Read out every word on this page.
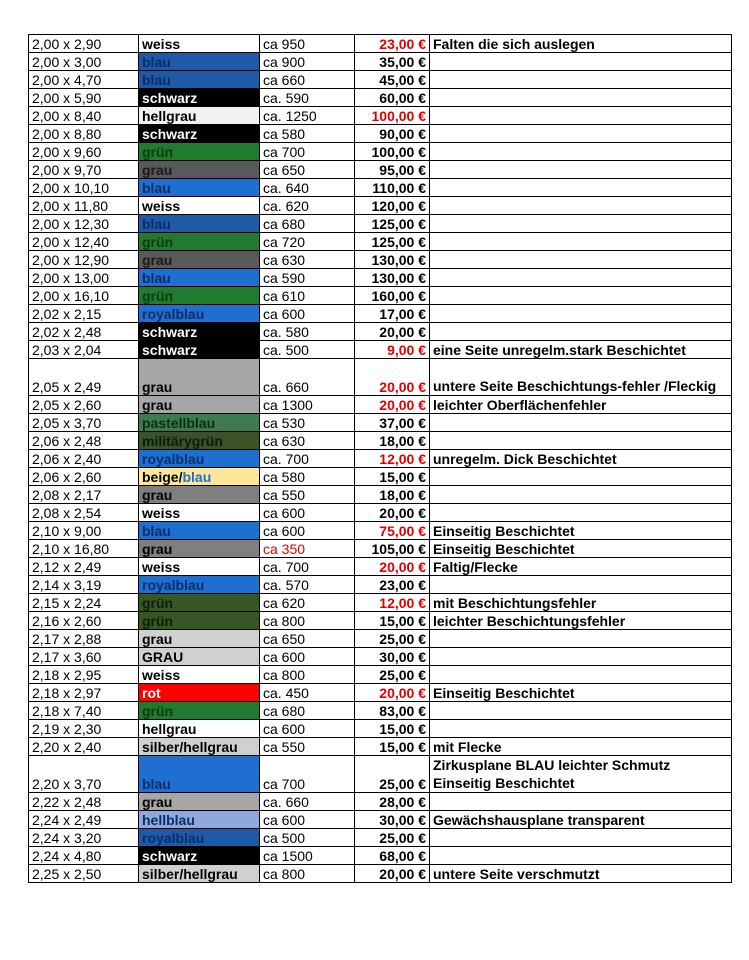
2,00 x 2,90	weiss	ca 950	23,00 €	Falten die sich auslegen
2,00 x 3,00	blau	ca 900	35,00 €	
2,00 x 4,70	blau	ca 660	45,00 €	
2,00 x 5,90	schwarz	ca. 590	60,00 €	
2,00 x 8,40	hellgrau	ca. 1250	100,00 €	
2,00 x 8,80	schwarz	ca 580	90,00 €	
2,00 x 9,60	grün	ca 700	100,00 €	
2,00 x 9,70	grau	ca 650	95,00 €	
2,00 x 10,10	blau	ca. 640	110,00 €	
2,00 x 11,80	weiss	ca. 620	120,00 €	
2,00 x 12,30	blau	ca 680	125,00 €	
2,00 x 12,40	grün	ca 720	125,00 €	
2,00 x 12,90	grau	ca 630	130,00 €	
2,00 x 13,00	blau	ca 590	130,00 €	
2,00 x 16,10	grün	ca 610	160,00 €	
2,02 x 2,15	royalblau	ca 600	17,00 €	
2,02 x 2,48	schwarz	ca. 580	20,00 €	
2,03 x 2,04	schwarz	ca. 500	9,00 €	eine Seite unregelm.stark Beschichtet
2,05 x 2,49	grau	ca. 660	20,00 €	untere Seite Beschichtungs-fehler /Fleckig
2,05 x 2,60	grau	ca 1300	20,00 €	leichter Oberflächenfehler
2,05 x 3,70	pastellblau	ca 530	37,00 €	
2,06 x 2,48	militärygrün	ca 630	18,00 €	
2,06 x 2,40	royalblau	ca. 700	12,00 €	unregelm. Dick Beschichtet
2,06 x 2,60	beige/blau	ca 580	15,00 €	
2,08 x 2,17	grau	ca 550	18,00 €	
2,08 x 2,54	weiss	ca 600	20,00 €	
2,10 x 9,00	blau	ca 600	75,00 €	Einseitig Beschichtet
2,10 x 16,80	grau	ca 350	105,00 €	Einseitig Beschichtet
2,12 x 2,49	weiss	ca. 700	20,00 €	Faltig/Flecke
2,14 x 3,19	royalblau	ca. 570	23,00 €	
2,15 x 2,24	grün	ca 620	12,00 €	mit Beschichtungsfehler
2,16 x 2,60	grün	ca 800	15,00 €	leichter Beschichtungsfehler
2,17 x 2,88	grau	ca 650	25,00 €	
2,17 x 3,60	GRAU	ca 600	30,00 €	
2,18 x 2,95	weiss	ca 800	25,00 €	
2,18 x 2,97	rot	ca. 450	20,00 €	Einseitig Beschichtet
2,18 x 7,40	grün	ca 680	83,00 €	
2,19 x 2,30	hellgrau	ca 600	15,00 €	
2,20 x 2,40	silber/hellgrau	ca 550	15,00 €	mit Flecke
2,20 x 3,70	blau	ca 700	25,00 €	Zirkusplane BLAU leichter Schmutz Einseitig Beschichtet
2,22 x 2,48	grau	ca. 660	28,00 €	
2,24 x 2,49	hellblau	ca 600	30,00 €	Gewächshausplane transparent
2,24 x 3,20	royalblau	ca 500	25,00 €	
2,24 x 4,80	schwarz	ca 1500	68,00 €	
2,25 x 2,50	silber/hellgrau	ca 800	20,00 €	untere Seite verschmutzt
